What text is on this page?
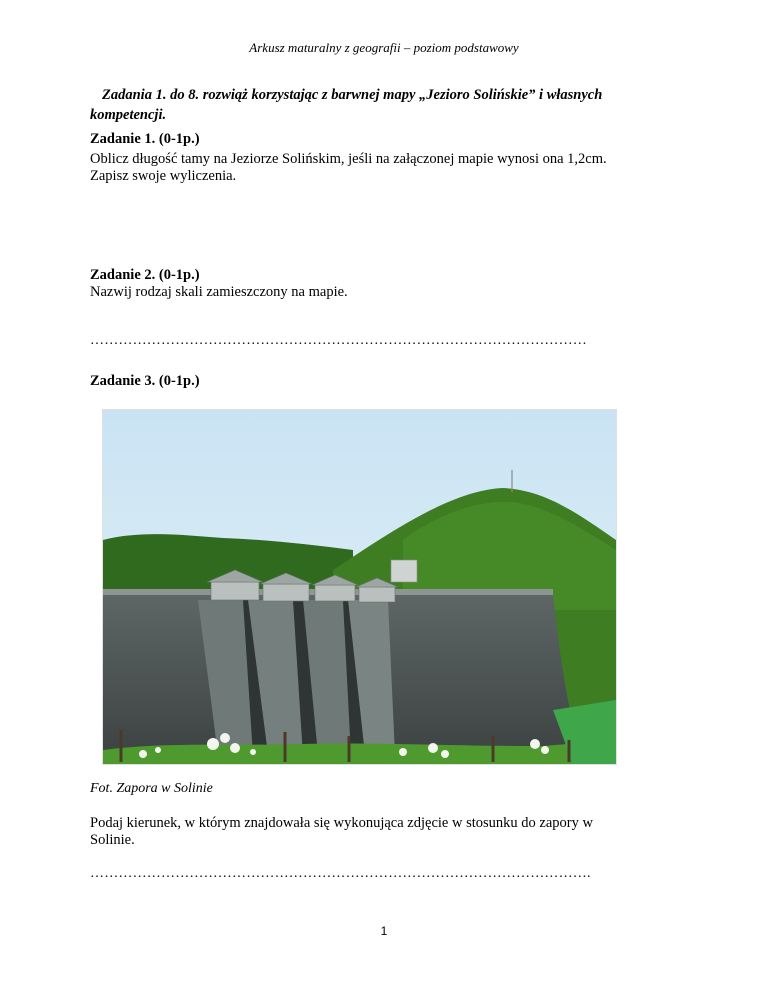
Arkusz maturalny z geografii – poziom podstawowy
Zadania 1. do 8. rozwiąż korzystając z barwnej mapy „Jezioro Solińskie” i własnych kompetencji.
Zadanie 1. (0-1p.)
Oblicz długość tamy na Jeziorze Solińskim, jeśli na załączonej mapie wynosi ona 1,2cm.
Zapisz swoje wyliczenia.
Zadanie 2. (0-1p.)
Nazwij rodzaj skali zamieszczony na mapie.
……………………………………………………………………………………………
Zadanie 3. (0-1p.)
Fot. Zapora w Solinie
Podaj kierunek, w którym znajdowała się wykonująca zdjęcie w stosunku do zapory w
Solinie.
…………………………………………………………………………………………….
1
